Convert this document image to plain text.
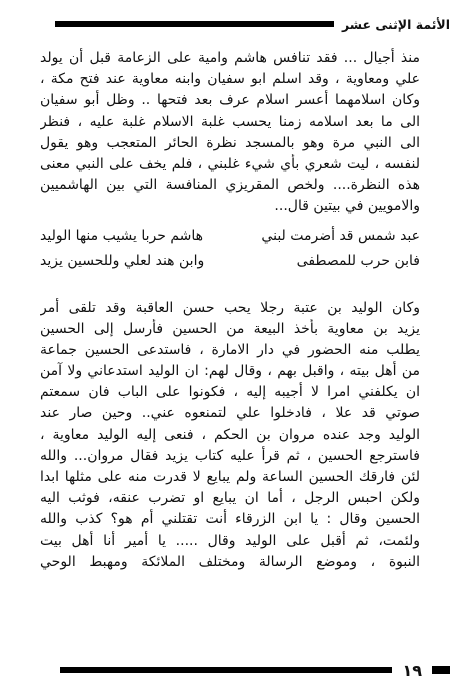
الأئمة الإثنى عشر
منذ أجيال ... فقد تنافس هاشم وامية على الزعامة قبل أن يولد
علي ومعاوية ، وقد اسلم ابو سفيان وابنه معاوية عند فتح مكة ،
وكان اسلامهما أعسر اسلام عرف بعد فتحها .. وظل أبو سفيان
الى ما بعد اسلامه زمنا يحسب غلبة الاسلام غلبة عليه ، فنظر
الى النبي مرة وهو بالمسجد نظرة الحائر المتعجب وهو يقول
لنفسه ، ليت شعري بأي شيء غلبني ، فلم يخف على النبي معنى
هذه النظرة.... ولخص المقريزي المنافسة التي بين الهاشميين
والامويين في بيتين قال...
عبد شمس قد أضرمت لبني
هاشم حربا يشيب منها الوليد
فابن حرب للمصطفى
وابن هند لعلي وللحسين يزيد
وكان الوليد بن عتبة رجلا يحب حسن العاقبة وقد تلقى أمر
يزيد بن معاوية بأخذ البيعة من الحسين فأرسل إلى الحسين
يطلب منه الحضور في دار الامارة ، فاستدعى الحسين جماعة
من أهل بيته ، واقبل بهم ، وقال لهم: ان الوليد استدعاني ولا آمن
ان يكلفني امرا لا أجيبه إليه ، فكونوا على الباب فان سمعتم
صوتي قد علا ، فادخلوا علي لتمنعوه عني.. وحين صار عند
الوليد وجد عنده مروان بن الحكم ، فنعى إليه الوليد معاوية ،
فاسترجع الحسين ، ثم قرأ عليه كتاب يزيد فقال مروان... والله
لئن فارقك الحسين الساعة ولم يبايع لا قدرت منه على مثلها ابدا
ولكن احبس الرجل ، أما ان يبايع او تضرب عنقه، فوثب اليه
الحسين وقال : يا ابن الزرقاء أنت تقتلني أم هو؟ كذب والله
ولئمت، ثم أقبل على الوليد وقال ..... يا أمير أنا أهل بيت
النبوة ، وموضع الرسالة ومختلف الملائكة ومهبط الوحي
١٩
